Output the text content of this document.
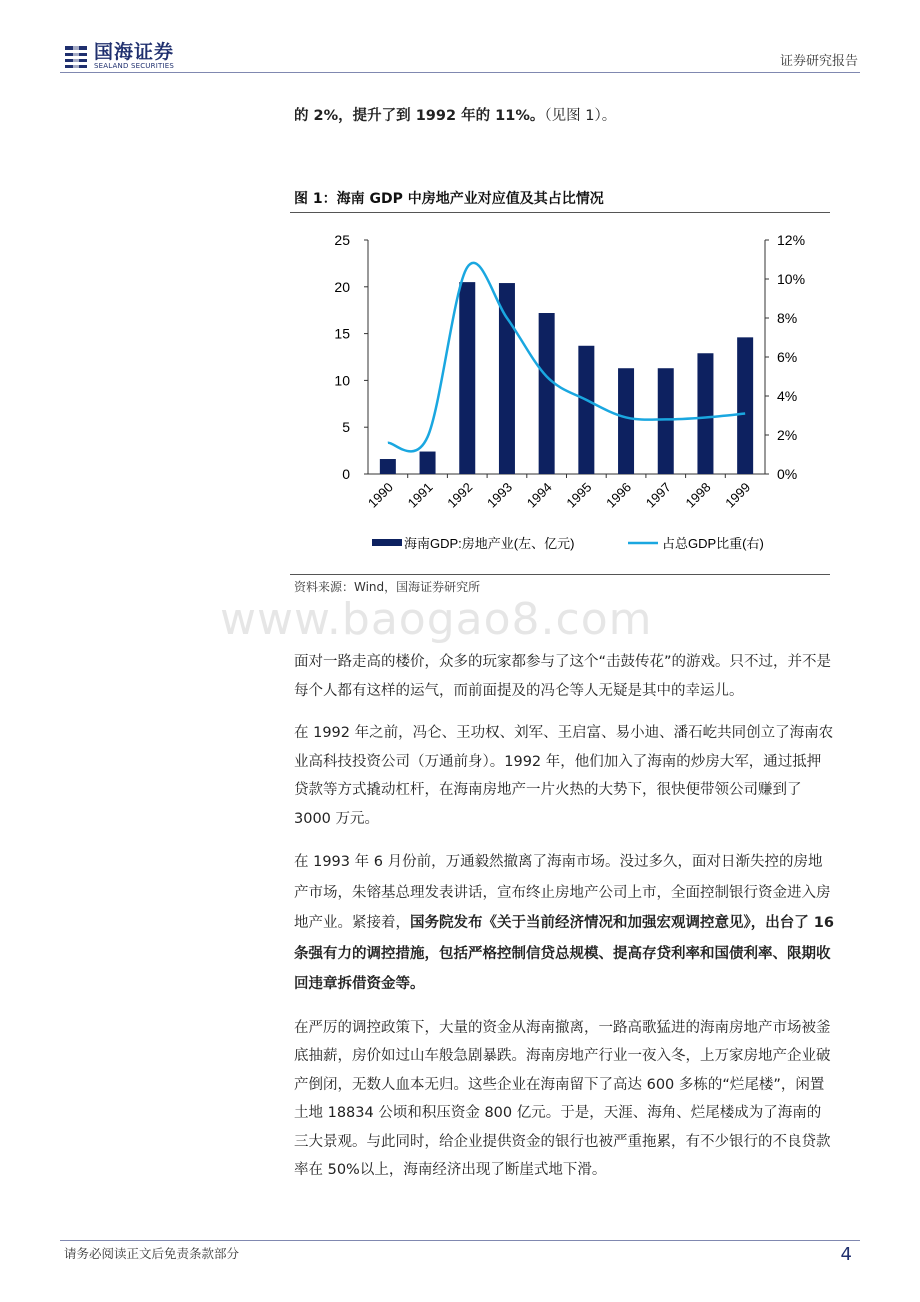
国海证券
SEALAND SECURITIES	证券研究报告
的 2%，提升了到 1992 年的 11%。（见图 1）。
图 1：海南 GDP 中房地产业对应值及其占比情况
0
5
10
15
20
25
0%
2%
4%
6%
8%
10%
12%
1990 1991 1992 1993 1994 1995 1996 1997 1998 1999
海南GDP:房地产业(左、亿元)	占总GDP比重(右)
资料来源：Wind，国海证券研究所
www.baogao8.com
面对一路走高的楼价，众多的玩家都参与了这个“击鼓传花”的游戏。只不过，并不是每个人都有这样的运气，而前面提及的冯仑等人无疑是其中的幸运儿。
在 1992 年之前，冯仑、王功权、刘军、王启富、易小迪、潘石屹共同创立了海南农业高科技投资公司（万通前身）。1992 年，他们加入了海南的炒房大军，通过抵押贷款等方式撬动杠杆，在海南房地产一片火热的大势下，很快便带领公司赚到了 3000 万元。
在 1993 年 6 月份前，万通毅然撤离了海南市场。没过多久，面对日渐失控的房地产市场，朱镕基总理发表讲话，宣布终止房地产公司上市，全面控制银行资金进入房地产业。紧接着，国务院发布《关于当前经济情况和加强宏观调控意见》，出台了 16 条强有力的调控措施，包括严格控制信贷总规模、提高存贷利率和国债利率、限期收回违章拆借资金等。
在严厉的调控政策下，大量的资金从海南撤离，一路高歌猛进的海南房地产市场被釜底抽薪，房价如过山车般急剧暴跌。海南房地产行业一夜入冬，上万家房地产企业破产倒闭，无数人血本无归。这些企业在海南留下了高达 600 多栋的“烂尾楼”，闲置土地 18834 公顷和积压资金 800 亿元。于是，天涯、海角、烂尾楼成为了海南的三大景观。与此同时，给企业提供资金的银行也被严重拖累，有不少银行的不良贷款率在 50%以上，海南经济出现了断崖式地下滑。
请务必阅读正文后免责条款部分	4
